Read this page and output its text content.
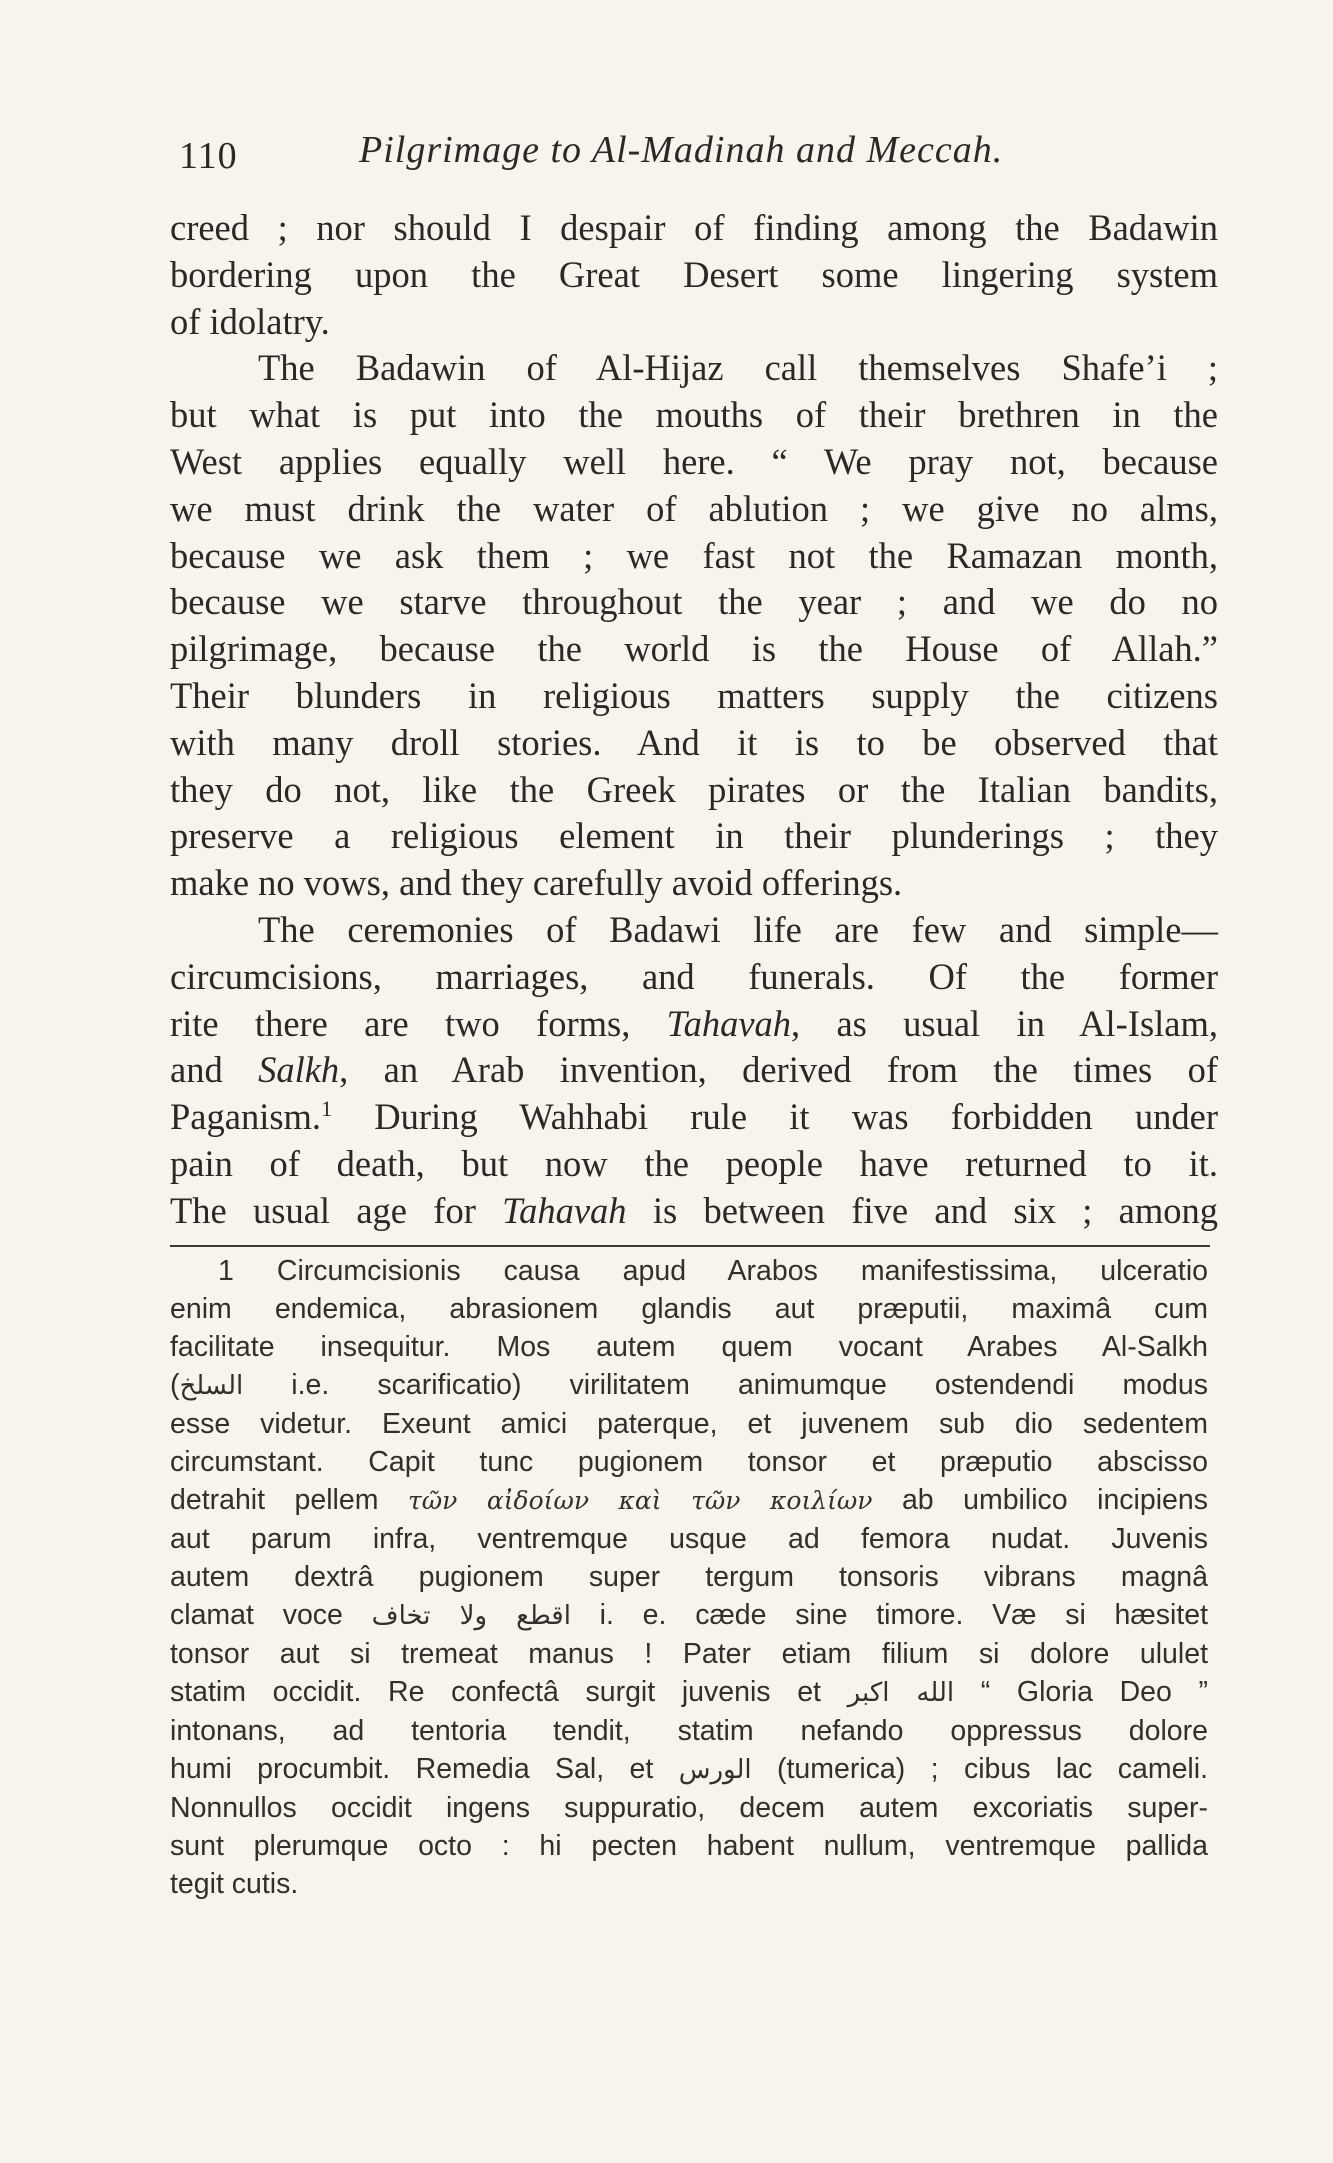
110	Pilgrimage to Al-Madinah and Meccah.

creed ; nor should I despair of finding among the Badawin
bordering upon the Great Desert some lingering system
of idolatry.

The Badawin of Al-Hijaz call themselves Shafe’i ;
but what is put into the mouths of their brethren in the
West applies equally well here. “ We pray not, because
we must drink the water of ablution ; we give no alms,
because we ask them ; we fast not the Ramazan month,
because we starve throughout the year ; and we do no
pilgrimage, because the world is the House of Allah.”
Their blunders in religious matters supply the citizens
with many droll stories. And it is to be observed that
they do not, like the Greek pirates or the Italian bandits,
preserve a religious element in their plunderings ; they
make no vows, and they carefully avoid offerings.

The ceremonies of Badawi life are few and simple—
circumcisions, marriages, and funerals. Of the former
rite there are two forms, Tahavah, as usual in Al-Islam,
and Salkh, an Arab invention, derived from the times of
Paganism.$^1$ During Wahhabi rule it was forbidden under
pain of death, but now the people have returned to it.
The usual age for Tahavah is between five and six ; among

1 Circumcisionis causa apud Arabos manifestissima, ulceratio
enim endemica, abrasionem glandis aut præputii, maximâ cum
facilitate insequitur. Mos autem quem vocant Arabes Al-Salkh
(السلخ i.e. scarificatio) virilitatem animumque ostendendi modus
esse videtur. Exeunt amici paterque, et juvenem sub dio sedentem
circumstant. Capit tunc pugionem tonsor et præputio abscisso
detrahit pellem τῶν αἰδοίων καὶ τῶν κοιλίων ab umbilico incipiens
aut parum infra, ventremque usque ad femora nudat. Juvenis
autem dextrâ pugionem super tergum tonsoris vibrans magnâ
clamat voce اقطع ولا تخاف i. e. cæde sine timore. Væ si hæsitet
tonsor aut si tremeat manus ! Pater etiam filium si dolore ululet
statim occidit. Re confectâ surgit juvenis et الله اكبر “ Gloria Deo ”
intonans, ad tentoria tendit, statim nefando oppressus dolore
humi procumbit. Remedia Sal, et الورس (tumerica) ; cibus lac cameli.
Nonnullos occidit ingens suppuratio, decem autem excoriatis super-
sunt plerumque octo : hi pecten habent nullum, ventremque pallida
tegit cutis.
